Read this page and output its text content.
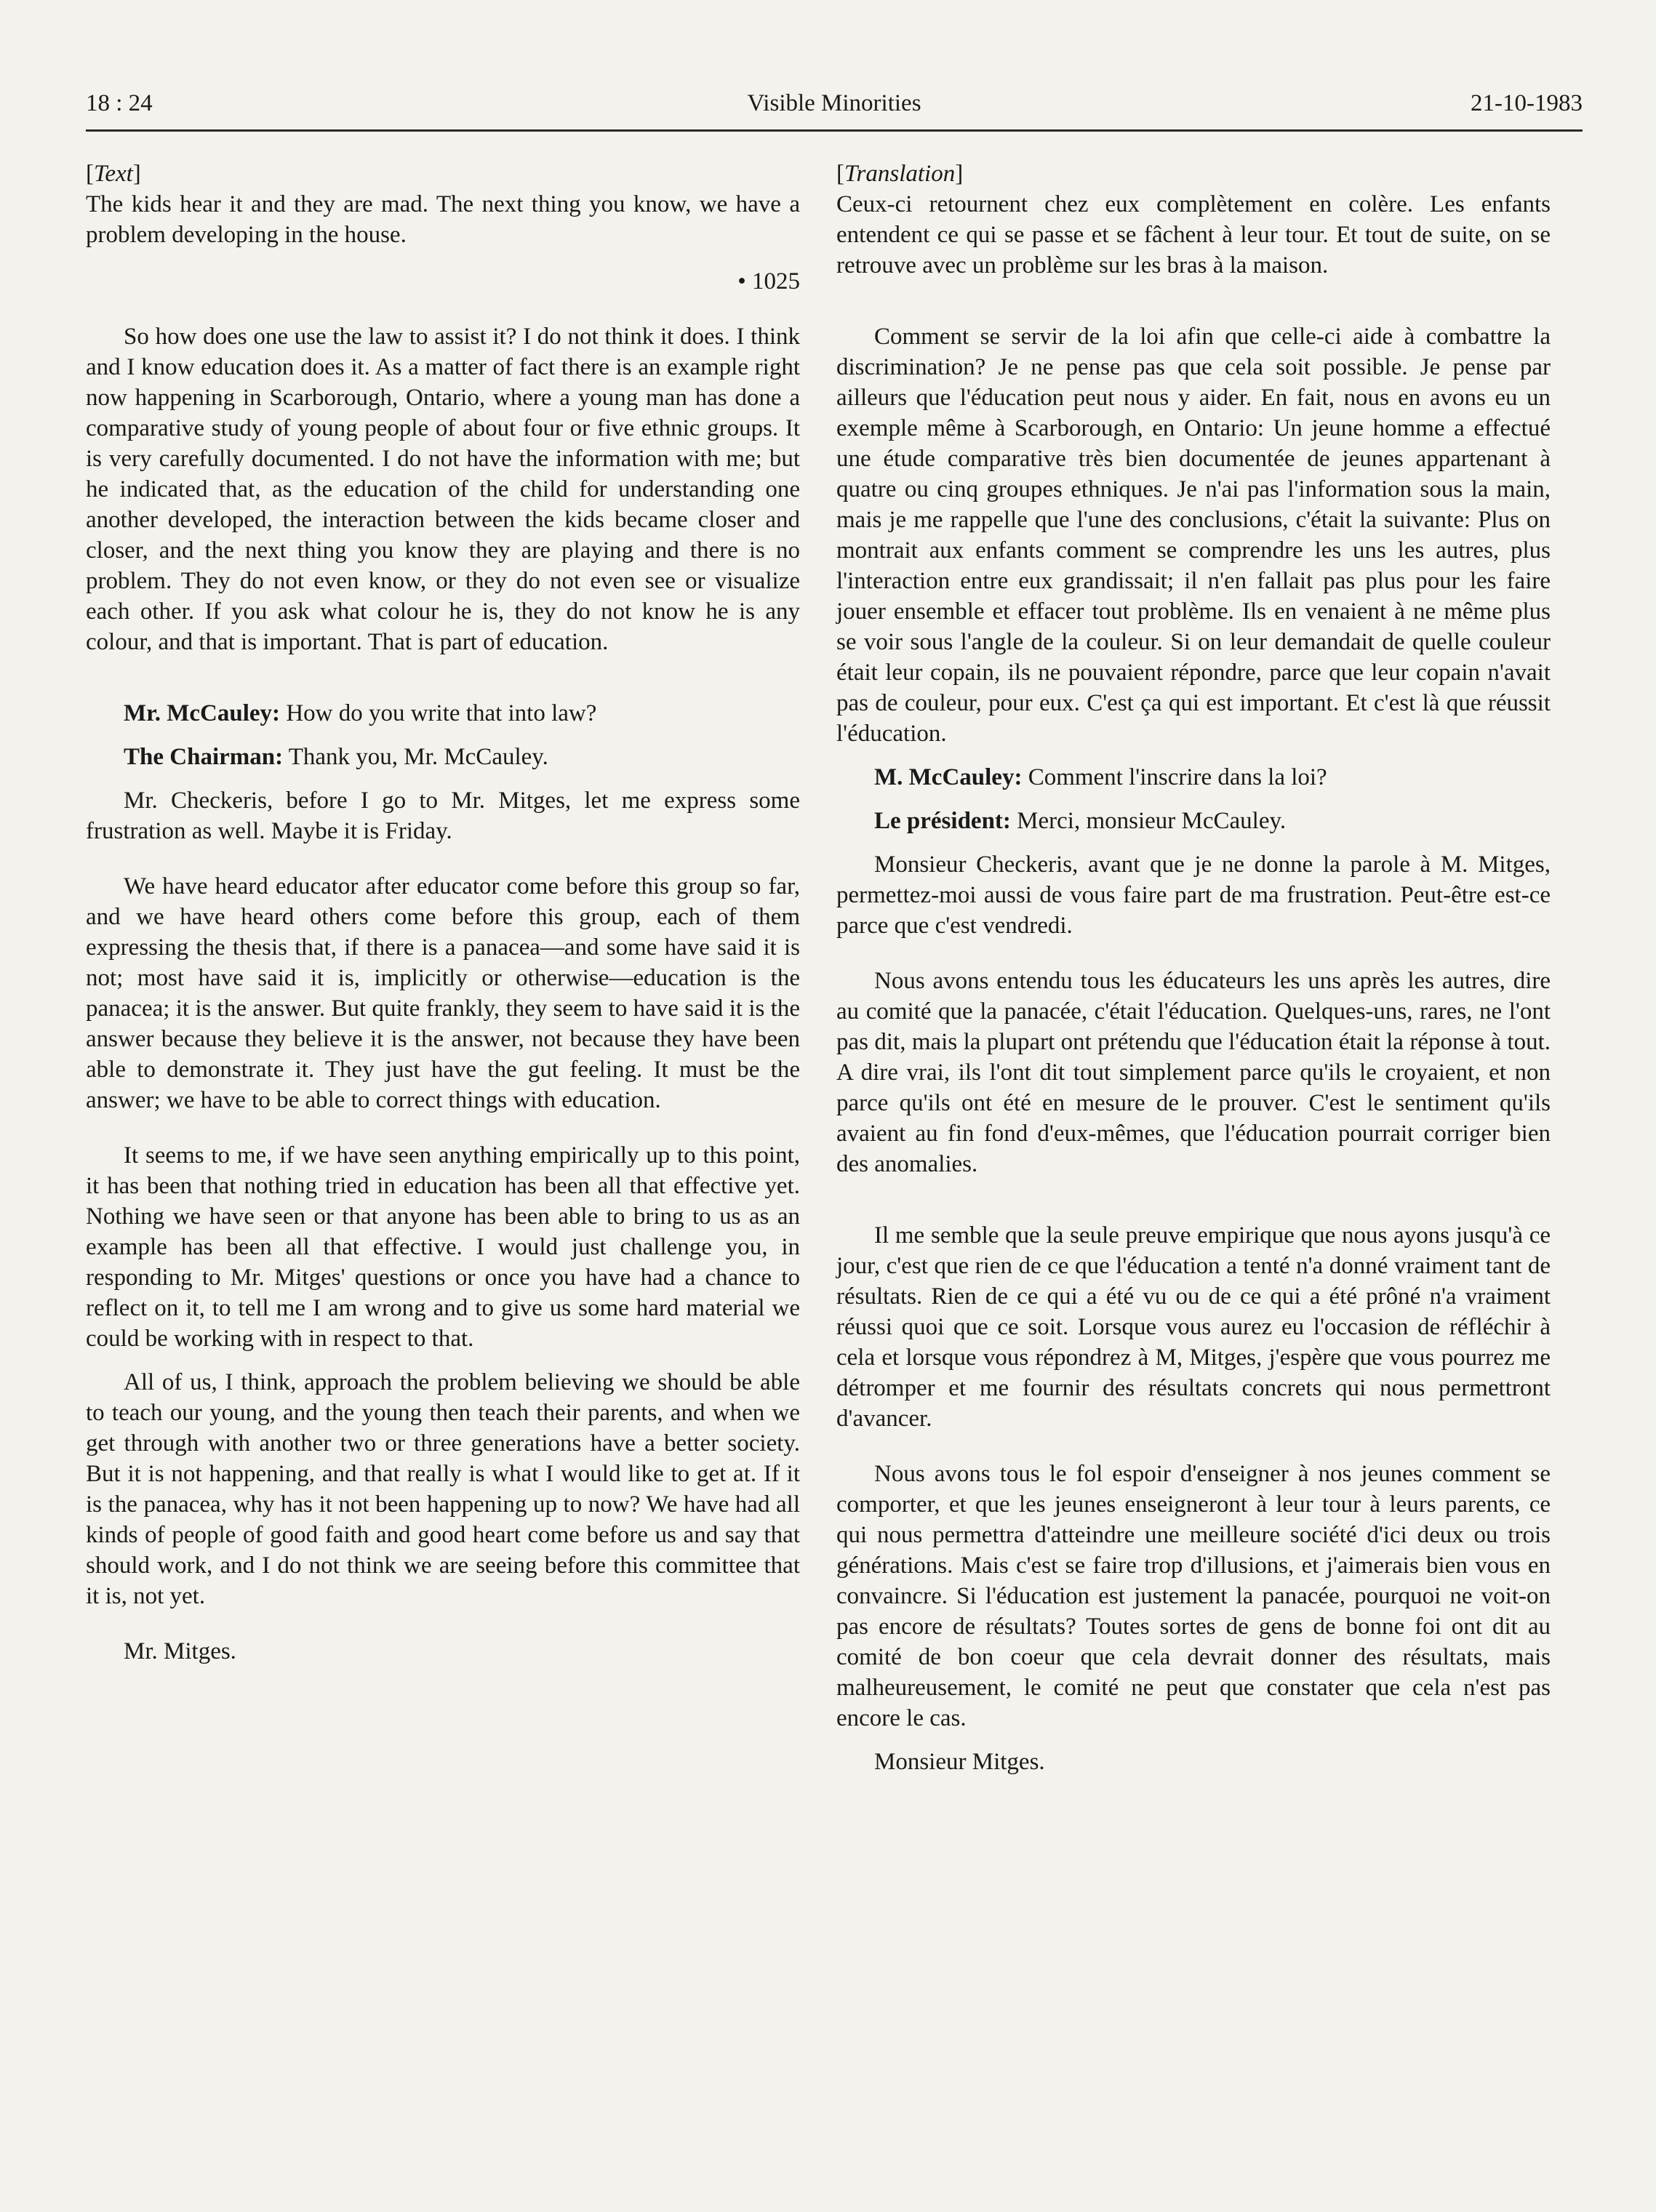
18 : 24	Visible Minorities	21-10-1983

[Text]

The kids hear it and they are mad. The next thing you know, we have a problem developing in the house.

• 1025

So how does one use the law to assist it? I do not think it does. I think and I know education does it. As a matter of fact there is an example right now happening in Scarborough, Ontario, where a young man has done a comparative study of young people of about four or five ethnic groups. It is very carefully documented. I do not have the information with me; but he indicated that, as the education of the child for understanding one another developed, the interaction between the kids became closer and closer, and the next thing you know they are playing and there is no problem. They do not even know, or they do not even see or visualize each other. If you ask what colour he is, they do not know he is any colour, and that is important. That is part of education.

Mr. McCauley: How do you write that into law?

The Chairman: Thank you, Mr. McCauley.

Mr. Checkeris, before I go to Mr. Mitges, let me express some frustration as well. Maybe it is Friday.

We have heard educator after educator come before this group so far, and we have heard others come before this group, each of them expressing the thesis that, if there is a panacea—and some have said it is not; most have said it is, implicitly or otherwise—education is the panacea; it is the answer. But quite frankly, they seem to have said it is the answer because they believe it is the answer, not because they have been able to demonstrate it. They just have the gut feeling. It must be the answer; we have to be able to correct things with education.

It seems to me, if we have seen anything empirically up to this point, it has been that nothing tried in education has been all that effective yet. Nothing we have seen or that anyone has been able to bring to us as an example has been all that effective. I would just challenge you, in responding to Mr. Mitges' questions or once you have had a chance to reflect on it, to tell me I am wrong and to give us some hard material we could be working with in respect to that.

All of us, I think, approach the problem believing we should be able to teach our young, and the young then teach their parents, and when we get through with another two or three generations have a better society. But it is not happening, and that really is what I would like to get at. If it is the panacea, why has it not been happening up to now? We have had all kinds of people of good faith and good heart come before us and say that should work, and I do not think we are seeing before this committee that it is, not yet.

Mr. Mitges.

[Translation]

Ceux-ci retournent chez eux complètement en colère. Les enfants entendent ce qui se passe et se fâchent à leur tour. Et tout de suite, on se retrouve avec un problème sur les bras à la maison.

Comment se servir de la loi afin que celle-ci aide à combattre la discrimination? Je ne pense pas que cela soit possible. Je pense par ailleurs que l'éducation peut nous y aider. En fait, nous en avons eu un exemple même à Scarborough, en Ontario: Un jeune homme a effectué une étude comparative très bien documentée de jeunes appartenant à quatre ou cinq groupes ethniques. Je n'ai pas l'information sous la main, mais je me rappelle que l'une des conclusions, c'était la suivante: Plus on montrait aux enfants comment se comprendre les uns les autres, plus l'interaction entre eux grandissait; il n'en fallait pas plus pour les faire jouer ensemble et effacer tout problème. Ils en venaient à ne même plus se voir sous l'angle de la couleur. Si on leur demandait de quelle couleur était leur copain, ils ne pouvaient répondre, parce que leur copain n'avait pas de couleur, pour eux. C'est ça qui est important. Et c'est là que réussit l'éducation.

M. McCauley: Comment l'inscrire dans la loi?

Le président: Merci, monsieur McCauley.

Monsieur Checkeris, avant que je ne donne la parole à M. Mitges, permettez-moi aussi de vous faire part de ma frustration. Peut-être est-ce parce que c'est vendredi.

Nous avons entendu tous les éducateurs les uns après les autres, dire au comité que la panacée, c'était l'éducation. Quelques-uns, rares, ne l'ont pas dit, mais la plupart ont prétendu que l'éducation était la réponse à tout. A dire vrai, ils l'ont dit tout simplement parce qu'ils le croyaient, et non parce qu'ils ont été en mesure de le prouver. C'est le sentiment qu'ils avaient au fin fond d'eux-mêmes, que l'éducation pourrait corriger bien des anomalies.

Il me semble que la seule preuve empirique que nous ayons jusqu'à ce jour, c'est que rien de ce que l'éducation a tenté n'a donné vraiment tant de résultats. Rien de ce qui a été vu ou de ce qui a été prôné n'a vraiment réussi quoi que ce soit. Lorsque vous aurez eu l'occasion de réfléchir à cela et lorsque vous répondrez à M, Mitges, j'espère que vous pourrez me détromper et me fournir des résultats concrets qui nous permettront d'avancer.

Nous avons tous le fol espoir d'enseigner à nos jeunes comment se comporter, et que les jeunes enseigneront à leur tour à leurs parents, ce qui nous permettra d'atteindre une meilleure société d'ici deux ou trois générations. Mais c'est se faire trop d'illusions, et j'aimerais bien vous en convaincre. Si l'éducation est justement la panacée, pourquoi ne voit-on pas encore de résultats? Toutes sortes de gens de bonne foi ont dit au comité de bon coeur que cela devrait donner des résultats, mais malheureusement, le comité ne peut que constater que cela n'est pas encore le cas.

Monsieur Mitges.
